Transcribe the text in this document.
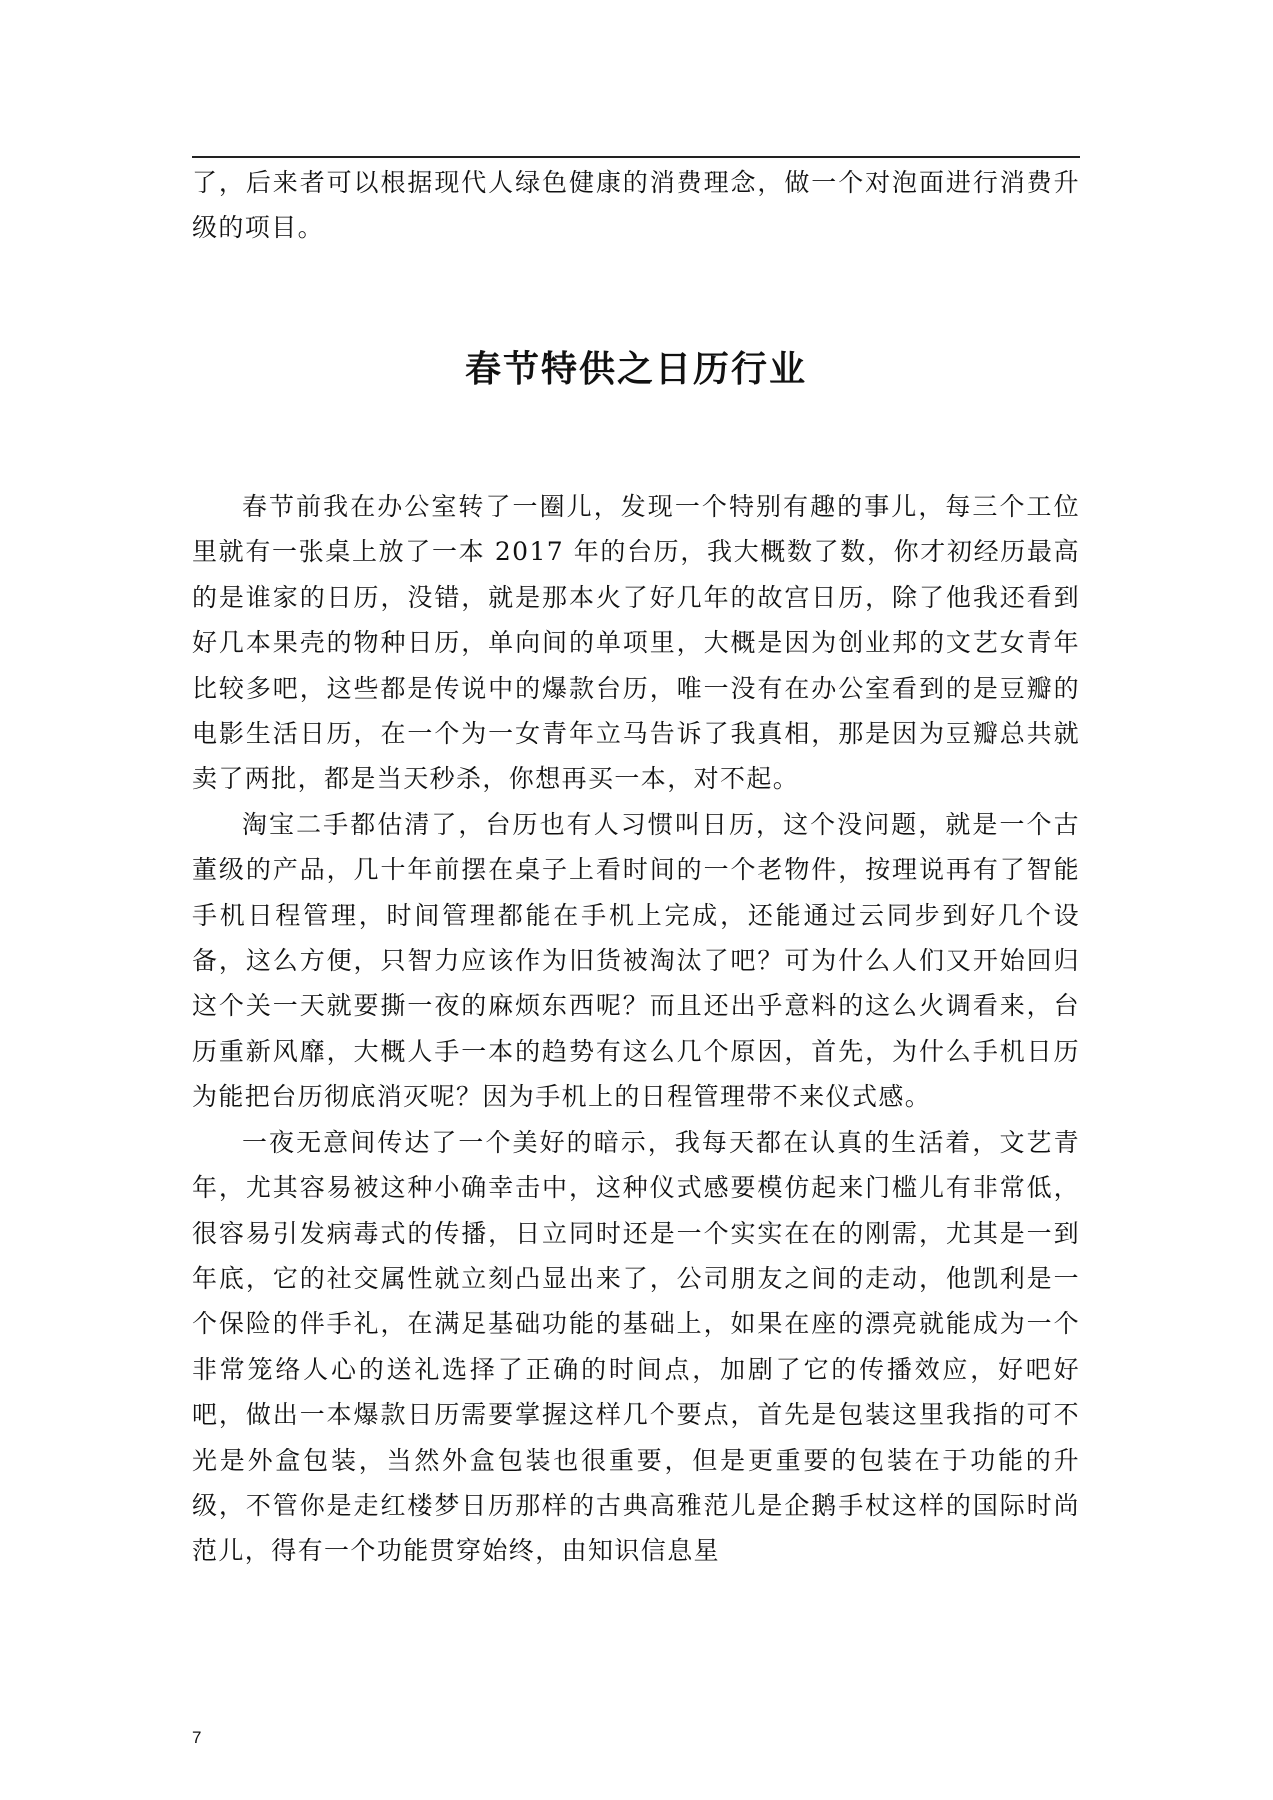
了，后来者可以根据现代人绿色健康的消费理念，做一个对泡面进行消费升级的项目。
春节特供之日历行业

春节前我在办公室转了一圈儿，发现一个特别有趣的事儿，每三个工位里就有一张桌上放了一本 2017 年的台历，我大概数了数，你才初经历最高的是谁家的日历，没错，就是那本火了好几年的故宫日历，除了他我还看到好几本果壳的物种日历，单向间的单项里，大概是因为创业邦的文艺女青年比较多吧，这些都是传说中的爆款台历，唯一没有在办公室看到的是豆瓣的电影生活日历，在一个为一女青年立马告诉了我真相，那是因为豆瓣总共就卖了两批，都是当天秒杀，你想再买一本，对不起。

淘宝二手都估清了，台历也有人习惯叫日历，这个没问题，就是一个古董级的产品，几十年前摆在桌子上看时间的一个老物件，按理说再有了智能手机日程管理，时间管理都能在手机上完成，还能通过云同步到好几个设备，这么方便，只智力应该作为旧货被淘汰了吧？可为什么人们又开始回归这个关一天就要撕一夜的麻烦东西呢？而且还出乎意料的这么火调看来，台历重新风靡，大概人手一本的趋势有这么几个原因，首先，为什么手机日历为能把台历彻底消灭呢？因为手机上的日程管理带不来仪式感。

一夜无意间传达了一个美好的暗示，我每天都在认真的生活着，文艺青年，尤其容易被这种小确幸击中，这种仪式感要模仿起来门槛儿有非常低，很容易引发病毒式的传播，日立同时还是一个实实在在的刚需，尤其是一到年底，它的社交属性就立刻凸显出来了，公司朋友之间的走动，他凯利是一个保险的伴手礼，在满足基础功能的基础上，如果在座的漂亮就能成为一个非常笼络人心的送礼选择了正确的时间点，加剧了它的传播效应，好吧好吧，做出一本爆款日历需要掌握这样几个要点，首先是包装这里我指的可不光是外盒包装，当然外盒包装也很重要，但是更重要的包装在于功能的升级，不管你是走红楼梦日历那样的古典高雅范儿是企鹅手杖这样的国际时尚范儿，得有一个功能贯穿始终，由知识信息星

7
